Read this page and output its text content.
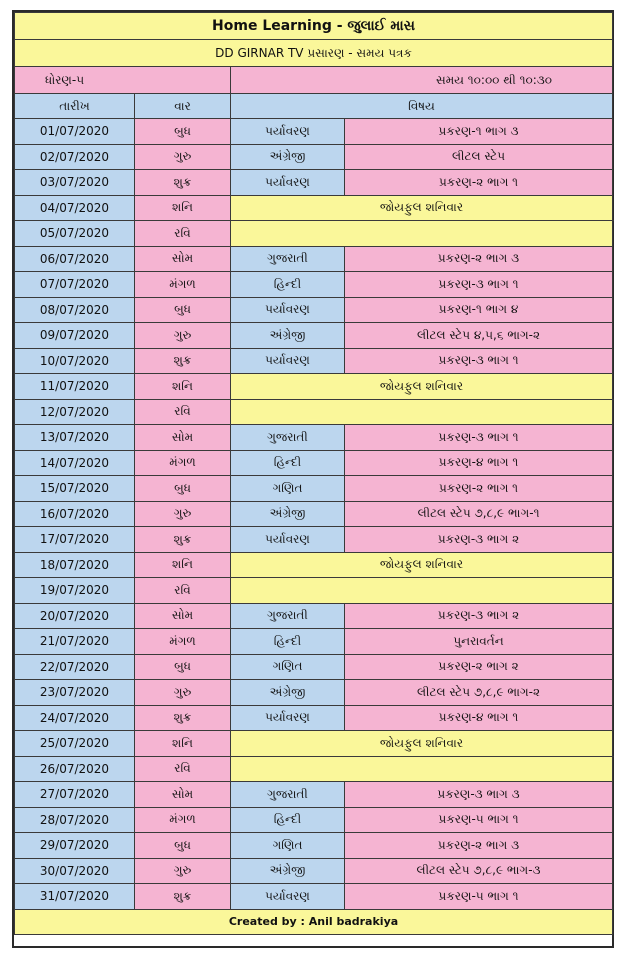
Home Learning - જુલાઈ માસ			
DD GIRNAR TV પ્રસારણ - સમય પત્રક			
ધોરણ-૫		સમય ૧૦:૦૦ થી ૧૦:૩૦	
તારીખ	વાર	વિષય	
01/07/2020	બુધ	પર્યાવરણ	પ્રકરણ-૧ ભાગ ૩
02/07/2020	ગુરુ	અંગ્રેજી	લીટલ સ્ટેપ
03/07/2020	શુક્ર	પર્યાવરણ	પ્રકરણ-૨ ભાગ ૧
04/07/2020	શનિ	જોયફુલ શનિવાર	
05/07/2020	રવિ		
06/07/2020	સોમ	ગુજરાતી	પ્રકરણ-૨ ભાગ ૩
07/07/2020	મંગળ	હિન્દી	પ્રકરણ-૩ ભાગ ૧
08/07/2020	બુધ	પર્યાવરણ	પ્રકરણ-૧ ભાગ ૪
09/07/2020	ગુરુ	અંગ્રેજી	લીટલ સ્ટેપ ૪,૫,૬ ભાગ-૨
10/07/2020	શુક્ર	પર્યાવરણ	પ્રકરણ-૩ ભાગ ૧
11/07/2020	શનિ	જોયફુલ શનિવાર	
12/07/2020	રવિ		
13/07/2020	સોમ	ગુજરાતી	પ્રકરણ-૩ ભાગ ૧
14/07/2020	મંગળ	હિન્દી	પ્રકરણ-૪ ભાગ ૧
15/07/2020	બુધ	ગણિત	પ્રકરણ-૨ ભાગ ૧
16/07/2020	ગુરુ	અંગ્રેજી	લીટલ સ્ટેપ ૭,૮,૯ ભાગ-૧
17/07/2020	શુક્ર	પર્યાવરણ	પ્રકરણ-૩ ભાગ ૨
18/07/2020	શનિ	જોયફુલ શનિવાર	
19/07/2020	રવિ		
20/07/2020	સોમ	ગુજરાતી	પ્રકરણ-૩ ભાગ ૨
21/07/2020	મંગળ	હિન્દી	પુનરાવર્તન
22/07/2020	બુધ	ગણિત	પ્રકરણ-૨ ભાગ ૨
23/07/2020	ગુરુ	અંગ્રેજી	લીટલ સ્ટેપ ૭,૮,૯ ભાગ-૨
24/07/2020	શુક્ર	પર્યાવરણ	પ્રકરણ-૪ ભાગ ૧
25/07/2020	શનિ	જોયફુલ શનિવાર	
26/07/2020	રવિ		
27/07/2020	સોમ	ગુજરાતી	પ્રકરણ-૩ ભાગ ૩
28/07/2020	મંગળ	હિન્દી	પ્રકરણ-૫ ભાગ ૧
29/07/2020	બુધ	ગણિત	પ્રકરણ-૨ ભાગ ૩
30/07/2020	ગુરુ	અંગ્રેજી	લીટલ સ્ટેપ ૭,૮,૯ ભાગ-૩
31/07/2020	શુક્ર	પર્યાવરણ	પ્રકરણ-૫ ભાગ ૧
Created by : Anil badrakiya			
